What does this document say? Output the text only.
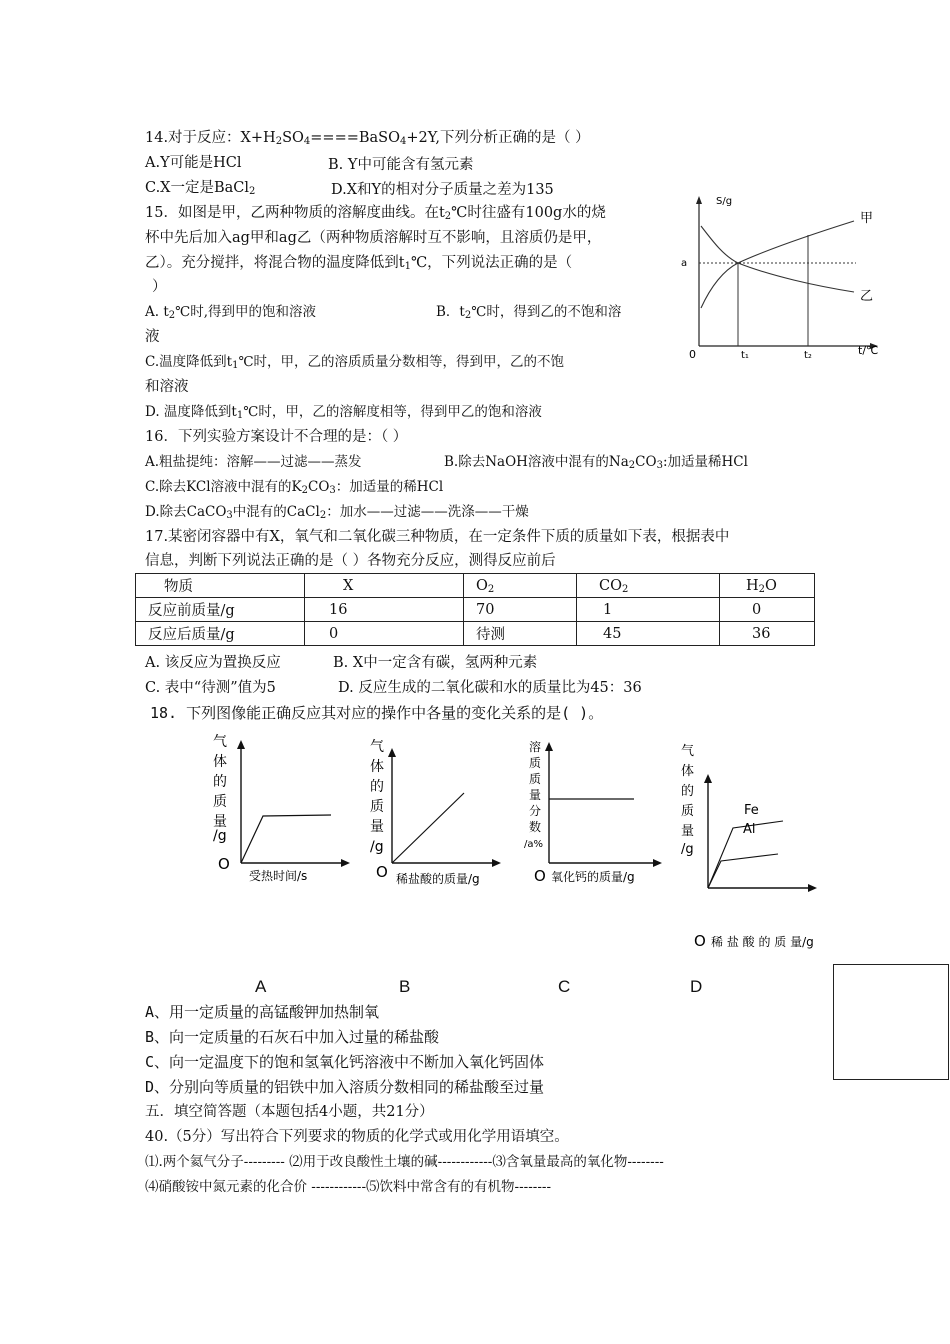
14.对于反应：$X+H_2SO_4====BaSO_4+2Y$,下列分析正确的是（ ）
A.Y可能是HCl	B. Y中可能含有氢元素
C.X一定是BaCl$_2$	D.X和Y的相对分子质量之差为135
15．如图是甲，乙两种物质的溶解度曲线。在$t_2℃$时往盛有100g水的烧
杯中先后加入ag甲和ag乙（两种物质溶解时互不影响，且溶质仍是甲，
乙）。充分搅拌，将混合物的温度降低到$t_1℃$，下列说法正确的是（
）
A. $t_2℃$时,得到甲的饱和溶液	B．$t_2℃$时，得到乙的不饱和溶
液
C.温度降低到$t_1℃$时，甲，乙的溶质质量分数相等，得到甲，乙的不饱
和溶液
D. 温度降低到$t_1℃$时，甲，乙的溶解度相等，得到甲乙的饱和溶液
S/g
t/℃
0
a
t₁	t₂
甲
乙
16．下列实验方案设计不合理的是：（ ）
A.粗盐提纯：溶解——过滤——蒸发	B.除去NaOH溶液中混有的$Na_2CO_3$:加适量稀HCl
C.除去KCl溶液中混有的$K_2CO_3$：加适量的稀HCl
D.除去CaCO$_3$中混有的CaCl$_2$：加水——过滤——洗涤——干燥
17.某密闭容器中有X，氧气和二氧化碳三种物质，在一定条件下质的质量如下表，根据表中
信息，判断下列说法正确的是（ ）各物充分反应，测得反应前后
物质	X	$O_2$	$CO_2$	$H_2O$
反应前质量/g	16	70	1	0
反应后质量/g	0	待测	45	36
A. 该反应为置换反应	B. X中一定含有碳，氢两种元素
C. 表中“待测”值为5	D. 反应生成的二氧化碳和水的质量比为45：36
18. 下列图像能正确反应其对应的操作中各量的变化关系的是( )。
气
体
的
质
量
/g
O
受热时间/s
气
体
的
质
量
/g
O 稀盐酸的质量/g
溶
质
质
量
分
数
/a%
O 氧化钙的质量/g
气
体
的
质
量
/g
Fe
Al
O 稀 盐 酸 的 质 量/g
A	B	C	D
A、用一定质量的高锰酸钾加热制氧
B、向一定质量的石灰石中加入过量的稀盐酸
C、向一定温度下的饱和氢氧化钙溶液中不断加入氧化钙固体
D、分别向等质量的铝铁中加入溶质分数相同的稀盐酸至过量
五．填空简答题（本题包括4小题，共21分）
40.（5分）写出符合下列要求的物质的化学式或用化学用语填空。
⑴.两个氦气分子--------- ⑵用于改良酸性土壤的碱------------⑶含氧量最高的氧化物--------
⑷硝酸铵中氮元素的化合价 ------------⑸饮料中常含有的有机物--------
